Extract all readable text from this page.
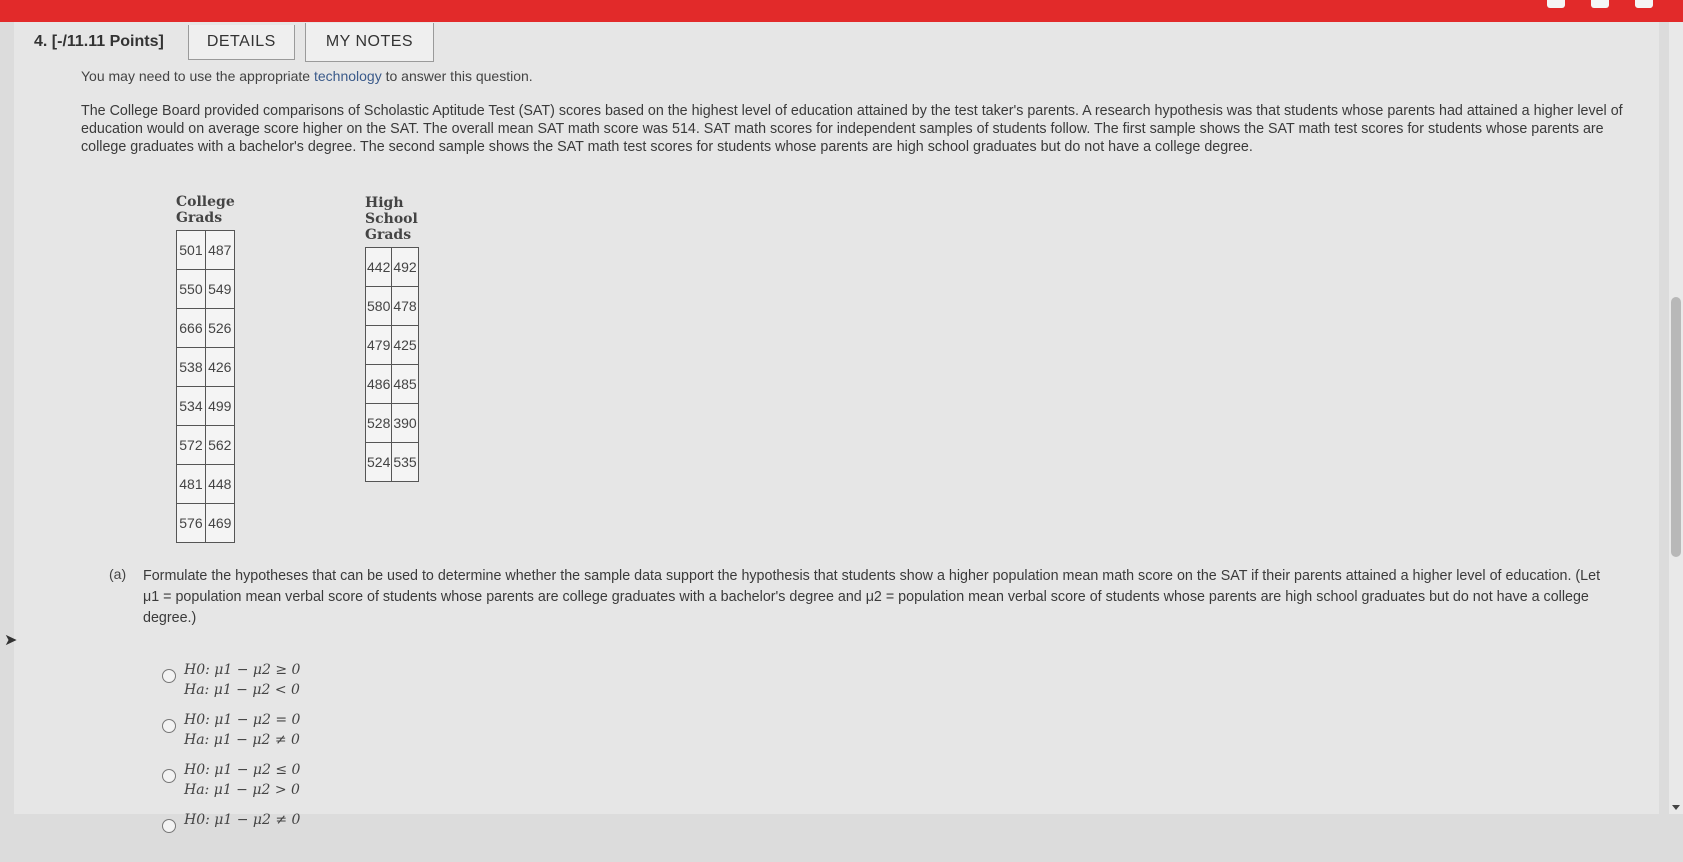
4. [-/11.11 Points]	DETAILS	MY NOTES

You may need to use the appropriate technology to answer this question.

The College Board provided comparisons of Scholastic Aptitude Test (SAT) scores based on the highest level of education attained by the test taker's parents. A research hypothesis was that students whose parents had attained a higher level of education would on average score higher on the SAT. The overall mean SAT math score was 514. SAT math scores for independent samples of students follow. The first sample shows the SAT math test scores for students whose parents are college graduates with a bachelor's degree. The second sample shows the SAT math test scores for students whose parents are high school graduates but do not have a college degree.

College Grads
501	487
550	549
666	526
538	426
534	499
572	562
481	448
576	469
High School Grads
442	492
580	478
479	425
486	485
528	390
524	535
(a) Formulate the hypotheses that can be used to determine whether the sample data support the hypothesis that students show a higher population mean math score on the SAT if their parents attained a higher level of education. (Let μ1 = population mean verbal score of students whose parents are college graduates with a bachelor's degree and μ2 = population mean verbal score of students whose parents are high school graduates but do not have a college degree.)
H0: μ1 − μ2 ≥ 0
Ha: μ1 − μ2 < 0
H0: μ1 − μ2 = 0
Ha: μ1 − μ2 ≠ 0
H0: μ1 − μ2 ≤ 0
Ha: μ1 − μ2 > 0
H0: μ1 − μ2 ≠ 0
➤
